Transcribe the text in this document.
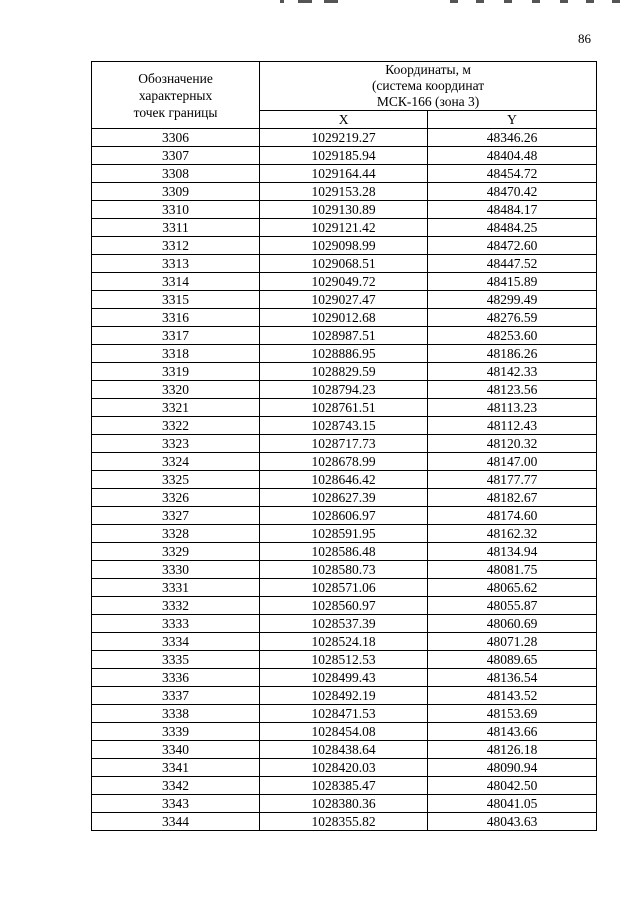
86
Обозначение
характерных
точек границы	Координаты, м
(система координат
МСК-166 (зона 3)	

	X	Y
3306	1029219.27	48346.26
3307	1029185.94	48404.48
3308	1029164.44	48454.72
3309	1029153.28	48470.42
3310	1029130.89	48484.17
3311	1029121.42	48484.25
3312	1029098.99	48472.60
3313	1029068.51	48447.52
3314	1029049.72	48415.89
3315	1029027.47	48299.49
3316	1029012.68	48276.59
3317	1028987.51	48253.60
3318	1028886.95	48186.26
3319	1028829.59	48142.33
3320	1028794.23	48123.56
3321	1028761.51	48113.23
3322	1028743.15	48112.43
3323	1028717.73	48120.32
3324	1028678.99	48147.00
3325	1028646.42	48177.77
3326	1028627.39	48182.67
3327	1028606.97	48174.60
3328	1028591.95	48162.32
3329	1028586.48	48134.94
3330	1028580.73	48081.75
3331	1028571.06	48065.62
3332	1028560.97	48055.87
3333	1028537.39	48060.69
3334	1028524.18	48071.28
3335	1028512.53	48089.65
3336	1028499.43	48136.54
3337	1028492.19	48143.52
3338	1028471.53	48153.69
3339	1028454.08	48143.66
3340	1028438.64	48126.18
3341	1028420.03	48090.94
3342	1028385.47	48042.50
3343	1028380.36	48041.05
3344	1028355.82	48043.63
